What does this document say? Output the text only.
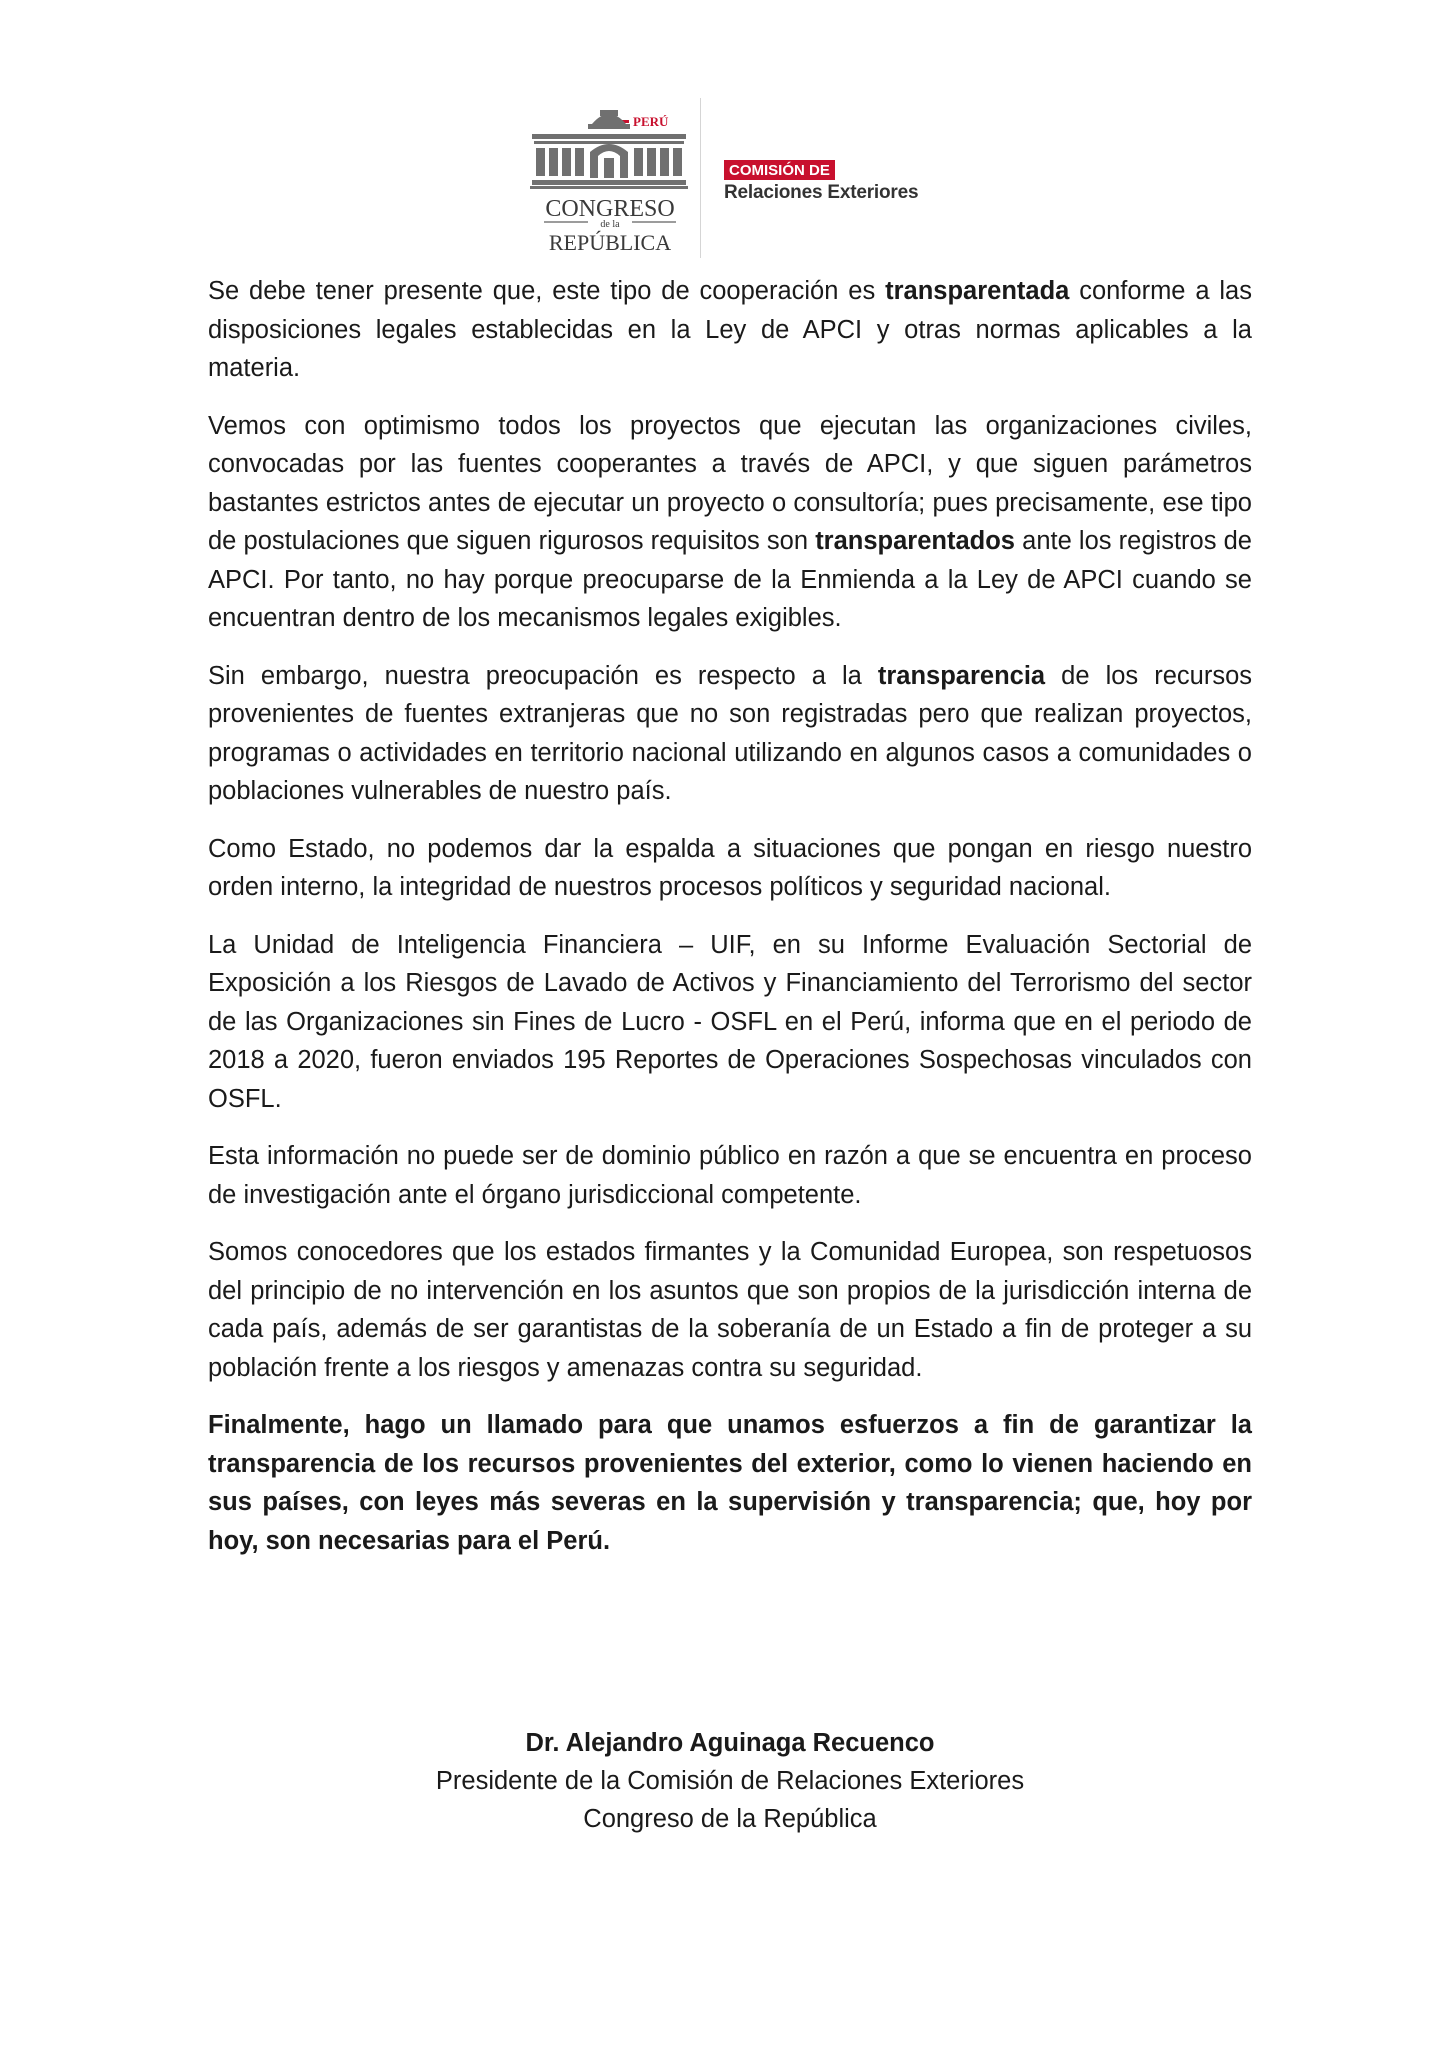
PERÚ
CONGRESO
de la
REPÚBLICA
COMISIÓN DE
Relaciones Exteriores

Se debe tener presente que, este tipo de cooperación es transparentada conforme a las disposiciones legales establecidas en la Ley de APCI y otras normas aplicables a la materia.

Vemos con optimismo todos los proyectos que ejecutan las organizaciones civiles, convocadas por las fuentes cooperantes a través de APCI, y que siguen parámetros bastantes estrictos antes de ejecutar un proyecto o consultoría; pues precisamente, ese tipo de postulaciones que siguen rigurosos requisitos son transparentados ante los registros de APCI. Por tanto, no hay porque preocuparse de la Enmienda a la Ley de APCI cuando se encuentran dentro de los mecanismos legales exigibles.

Sin embargo, nuestra preocupación es respecto a la transparencia de los recursos provenientes de fuentes extranjeras que no son registradas pero que realizan proyectos, programas o actividades en territorio nacional utilizando en algunos casos a comunidades o poblaciones vulnerables de nuestro país.

Como Estado, no podemos dar la espalda a situaciones que pongan en riesgo nuestro orden interno, la integridad de nuestros procesos políticos y seguridad nacional.

La Unidad de Inteligencia Financiera – UIF, en su Informe Evaluación Sectorial de Exposición a los Riesgos de Lavado de Activos y Financiamiento del Terrorismo del sector de las Organizaciones sin Fines de Lucro - OSFL en el Perú, informa que en el periodo de 2018 a 2020, fueron enviados 195 Reportes de Operaciones Sospechosas vinculados con OSFL.

Esta información no puede ser de dominio público en razón a que se encuentra en proceso de investigación ante el órgano jurisdiccional competente.

Somos conocedores que los estados firmantes y la Comunidad Europea, son respetuosos del principio de no intervención en los asuntos que son propios de la jurisdicción interna de cada país, además de ser garantistas de la soberanía de un Estado a fin de proteger a su población frente a los riesgos y amenazas contra su seguridad.

Finalmente, hago un llamado para que unamos esfuerzos a fin de garantizar la transparencia de los recursos provenientes del exterior, como lo vienen haciendo en sus países, con leyes más severas en la supervisión y transparencia; que, hoy por hoy, son necesarias para el Perú.

Dr. Alejandro Aguinaga Recuenco
Presidente de la Comisión de Relaciones Exteriores
Congreso de la República
